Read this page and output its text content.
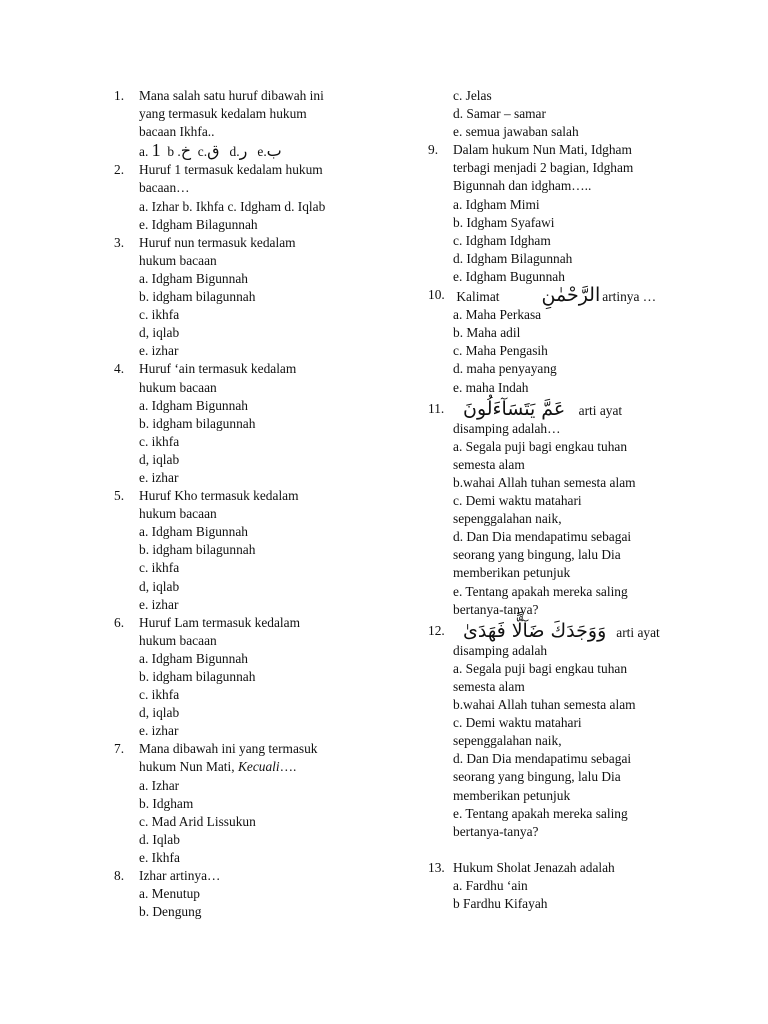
1. Mana salah satu huruf dibawah ini
yang termasuk kedalam hukum
bacaan Ikhfa..
a. 1 b .خ c.ق d.ر e.ب
2. Huruf 1 termasuk kedalam hukum
bacaan…
a. Izhar b. Ikhfa c. Idgham d. Iqlab
e. Idgham Bilagunnah
3. Huruf nun termasuk kedalam
hukum bacaan
a. Idgham Bigunnah
b. idgham bilagunnah
c. ikhfa
d, iqlab
e. izhar
4. Huruf ‘ain termasuk kedalam
hukum bacaan
a. Idgham Bigunnah
b. idgham bilagunnah
c. ikhfa
d, iqlab
e. izhar
5. Huruf Kho termasuk kedalam
hukum bacaan
a. Idgham Bigunnah
b. idgham bilagunnah
c. ikhfa
d, iqlab
e. izhar
6. Huruf Lam termasuk kedalam
hukum bacaan
a. Idgham Bigunnah
b. idgham bilagunnah
c. ikhfa
d, iqlab
e. izhar
7. Mana dibawah ini yang termasuk
hukum Nun Mati, Kecuali….
a. Izhar
b. Idgham
c. Mad Arid Lissukun
d. Iqlab
e. Ikhfa
8. Izhar artinya…
a. Menutup
b. Dengung
c. Jelas
d. Samar – samar
e. semua jawaban salah
9. Dalam hukum Nun Mati, Idgham
terbagi menjadi 2 bagian, Idgham
Bigunnah dan idgham…..
a. Idgham Mimi
b. Idgham Syafawi
c. Idgham Idgham
d. Idgham Bilagunnah
e. Idgham Bugunnah
10. Kalimat الرَّحْمٰنِ artinya …
a. Maha Perkasa
b. Maha adil
c. Maha Pengasih
d. maha penyayang
e. maha Indah
11. عَمَّ يَتَسَآءَلُونَ arti ayat
disamping adalah…
a. Segala puji bagi engkau tuhan
semesta alam
b.wahai Allah tuhan semesta alam
c. Demi waktu matahari
sepenggalahan naik,
d. Dan Dia mendapatimu sebagai
seorang yang bingung, lalu Dia
memberikan petunjuk
e. Tentang apakah mereka saling
bertanya-tanya?
12. وَوَجَدَكَ ضَآلًّا فَهَدَىٰ arti ayat
disamping adalah
a. Segala puji bagi engkau tuhan
semesta alam
b.wahai Allah tuhan semesta alam
c. Demi waktu matahari
sepenggalahan naik,
d. Dan Dia mendapatimu sebagai
seorang yang bingung, lalu Dia
memberikan petunjuk
e. Tentang apakah mereka saling
bertanya-tanya?
13. Hukum Sholat Jenazah adalah
a. Fardhu ‘ain
b Fardhu Kifayah
